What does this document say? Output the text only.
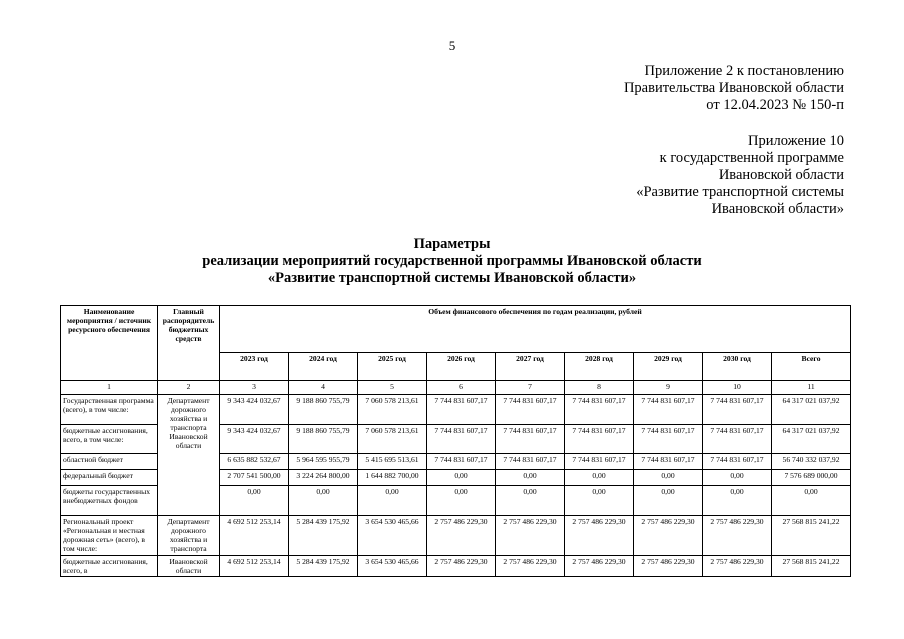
5
Приложение 2 к постановлению
Правительства Ивановской области
от 12.04.2023 № 150-п
Приложение 10
к государственной программе
Ивановской области
«Развитие транспортной системы
Ивановской области»
Параметры
реализации мероприятий государственной программы Ивановской области
«Развитие транспортной системы Ивановской области»
Наименование мероприятия / источник ресурсного обеспечения	Главный распорядитель бюджетных средств	Объем финансового обеспечения по годам реализации, рублей								
		2023 год	2024 год	2025 год	2026 год	2027 год	2028 год	2029 год	2030 год	Всего
1	2	3	4	5	6	7	8	9	10	11
Государственная программа (всего), в том числе:	Департамент дорожного хозяйства и транспорта Ивановской области	9 343 424 032,67	9 188 860 755,79	7 060 578 213,61	7 744 831 607,17	7 744 831 607,17	7 744 831 607,17	7 744 831 607,17	7 744 831 607,17	64 317 021 037,92
бюджетные ассигнования, всего, в том числе:		9 343 424 032,67	9 188 860 755,79	7 060 578 213,61	7 744 831 607,17	7 744 831 607,17	7 744 831 607,17	7 744 831 607,17	7 744 831 607,17	64 317 021 037,92
областной бюджет		6 635 882 532,67	5 964 595 955,79	5 415 695 513,61	7 744 831 607,17	7 744 831 607,17	7 744 831 607,17	7 744 831 607,17	7 744 831 607,17	56 740 332 037,92
федеральный бюджет		2 707 541 500,00	3 224 264 800,00	1 644 882 700,00	0,00	0,00	0,00	0,00	0,00	7 576 689 000,00
бюджеты государственных внебюджетных фондов		0,00	0,00	0,00	0,00	0,00	0,00	0,00	0,00	0,00
Региональный проект «Региональная и местная дорожная сеть» (всего), в том числе:	Департамент дорожного хозяйства и транспорта	4 692 512 253,14	5 284 439 175,92	3 654 530 465,66	2 757 486 229,30	2 757 486 229,30	2 757 486 229,30	2 757 486 229,30	2 757 486 229,30	27 568 815 241,22
бюджетные ассигнования, всего, в	Ивановской области	4 692 512 253,14	5 284 439 175,92	3 654 530 465,66	2 757 486 229,30	2 757 486 229,30	2 757 486 229,30	2 757 486 229,30	2 757 486 229,30	27 568 815 241,22
